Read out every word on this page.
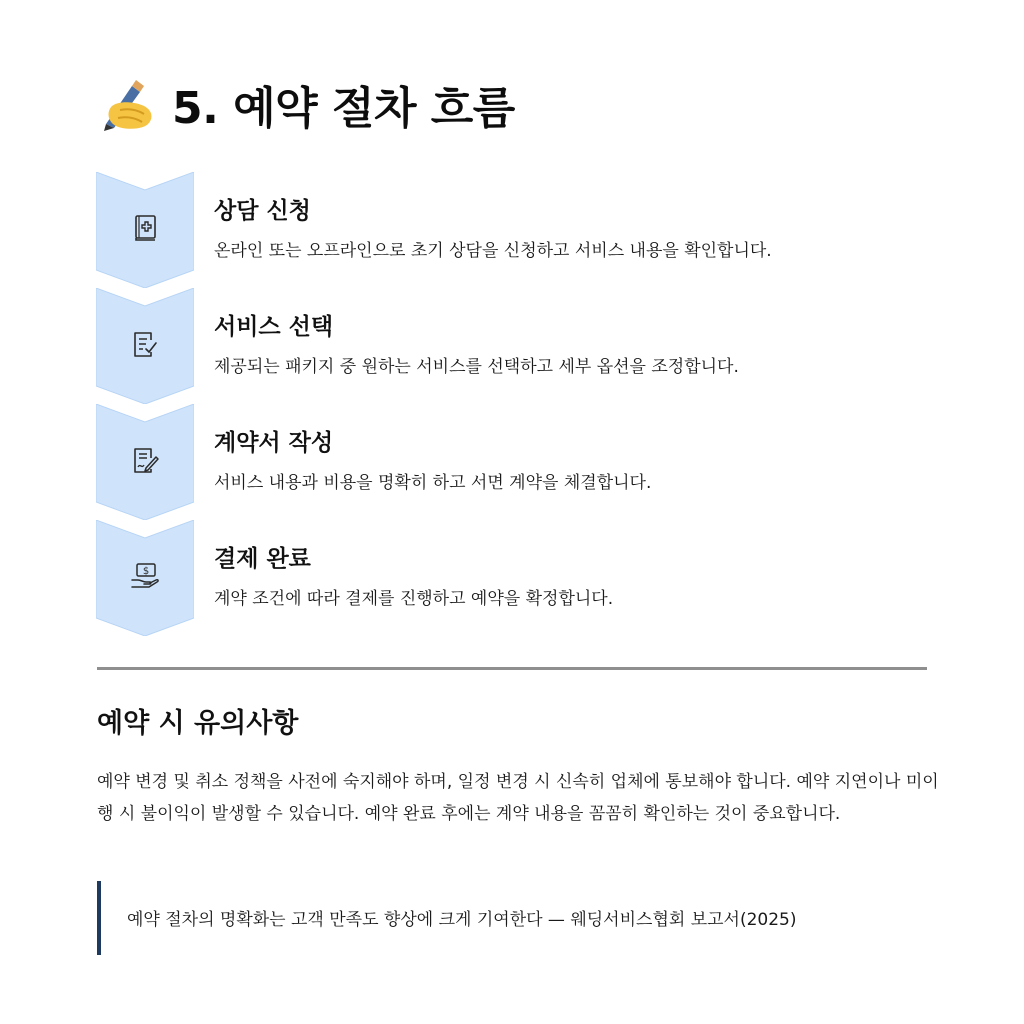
5. 예약 절차 흐름

상담 신청

온라인 또는 오프라인으로 초기 상담을 신청하고 서비스 내용을 확인합니다.

서비스 선택

제공되는 패키지 중 원하는 서비스를 선택하고 세부 옵션을 조정합니다.

계약서 작성

서비스 내용과 비용을 명확히 하고 서면 계약을 체결합니다.

$	결제 완료

계약 조건에 따라 결제를 진행하고 예약을 확정합니다.

예약 시 유의사항

예약 변경 및 취소 정책을 사전에 숙지해야 하며, 일정 변경 시 신속히 업체에 통보해야 합니다. 예약 지연이나 미이행 시 불이익이 발생할 수 있습니다. 예약 완료 후에는 계약 내용을 꼼꼼히 확인하는 것이 중요합니다.

예약 절차의 명확화는 고객 만족도 향상에 크게 기여한다 — 웨딩서비스협회 보고서(2025)
